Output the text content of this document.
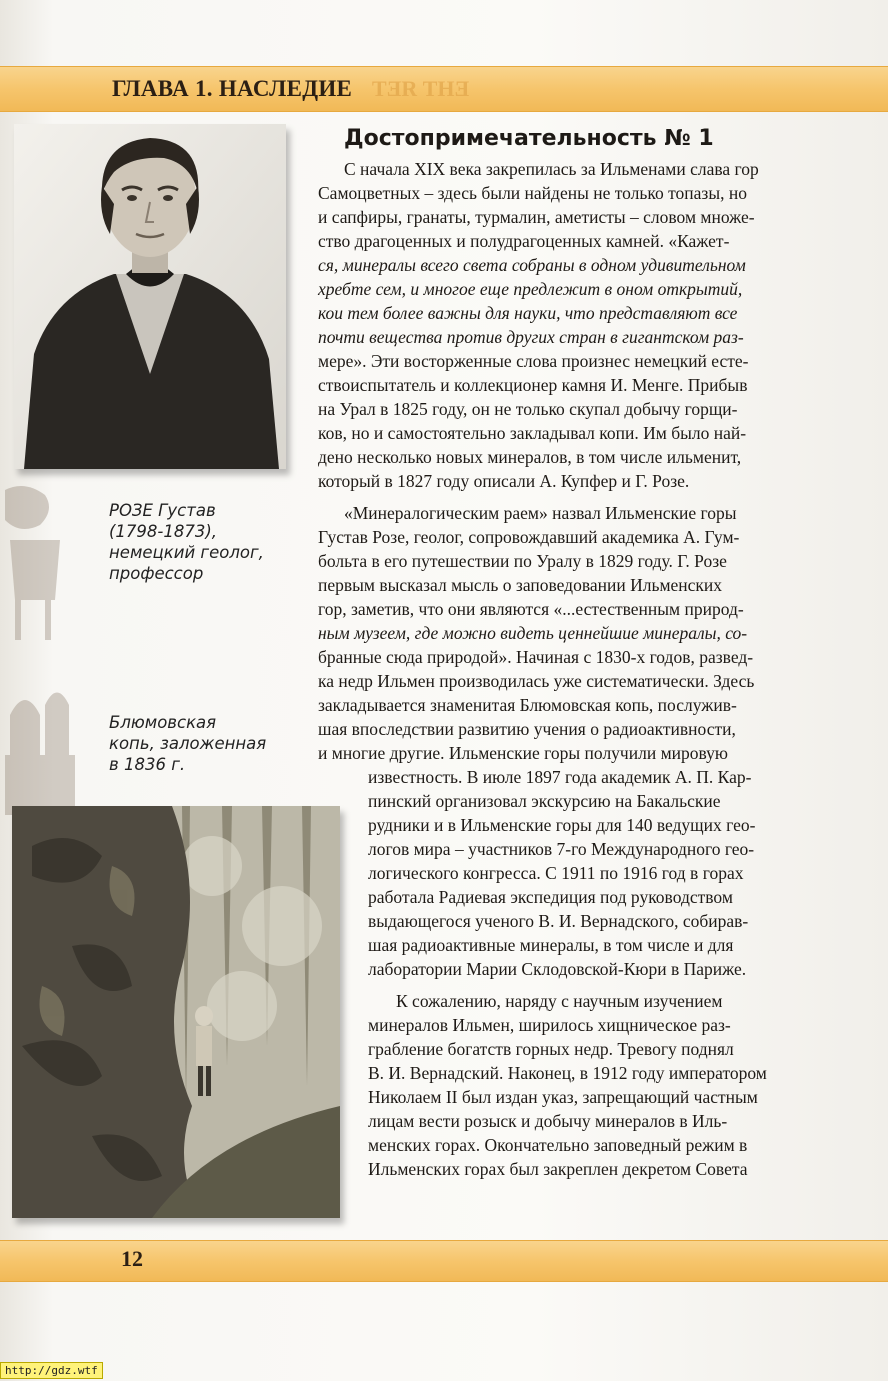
ЕНТ ЯЕТ
ГЛАВА 1. НАСЛЕДИЕ
РОЗЕ Густав
(1798-1873),
немецкий геолог,
профессор
Блюмовская
копь, заложенная
в 1836 г.
Достопримечательность № 1
С начала XIX века закрепилась за Ильменами слава гор
Самоцветных – здесь были найдены не только топазы, но
и сапфиры, гранаты, турмалин, аметисты – словом множе-
ство драгоценных и полудрагоценных камней. «Кажет-
ся, минералы всего света собраны в одном удивительном
хребте сем, и многое еще предлежит в оном открытий,
кои тем более важны для науки, что представляют все
почти вещества против других стран в гигантском раз-
мере». Эти восторженные слова произнес немецкий есте-
ствоиспытатель и коллекционер камня И. Менге. Прибыв
на Урал в 1825 году, он не только скупал добычу горщи-
ков, но и самостоятельно закладывал копи. Им было най-
дено несколько новых минералов, в том числе ильменит,
который в 1827 году описали А. Купфер и Г. Розе.
«Минералогическим раем» назвал Ильменские горы
Густав Розе, геолог, сопровождавший академика А. Гум-
больта в его путешествии по Уралу в 1829 году. Г. Розе
первым высказал мысль о заповедовании Ильменских
гор, заметив, что они являются «...естественным природ-
ным музеем, где можно видеть ценнейшие минералы, со-
бранные сюда природой». Начиная с 1830-х годов, развед-
ка недр Ильмен производилась уже систематически. Здесь
закладывается знаменитая Блюмовская копь, послужив-
шая впоследствии развитию учения о радиоактивности,
и многие другие. Ильменские горы получили мировую
известность. В июле 1897 года академик А. П. Кар-
пинский организовал экскурсию на Бакальские
рудники и в Ильменские горы для 140 ведущих гео-
логов мира – участников 7-го Международного гео-
логического конгресса. С 1911 по 1916 год в горах
работала Радиевая экспедиция под руководством
выдающегося ученого В. И. Вернадского, собирав-
шая радиоактивные минералы, в том числе и для
лаборатории Марии Склодовской-Кюри в Париже.
К сожалению, наряду с научным изучением
минералов Ильмен, ширилось хищническое раз-
грабление богатств горных недр. Тревогу поднял
В. И. Вернадский. Наконец, в 1912 году императором
Николаем II был издан указ, запрещающий частным
лицам вести розыск и добычу минералов в Иль-
менских горах. Окончательно заповедный режим в
Ильменских горах был закреплен декретом Совета
12
http://gdz.wtf
